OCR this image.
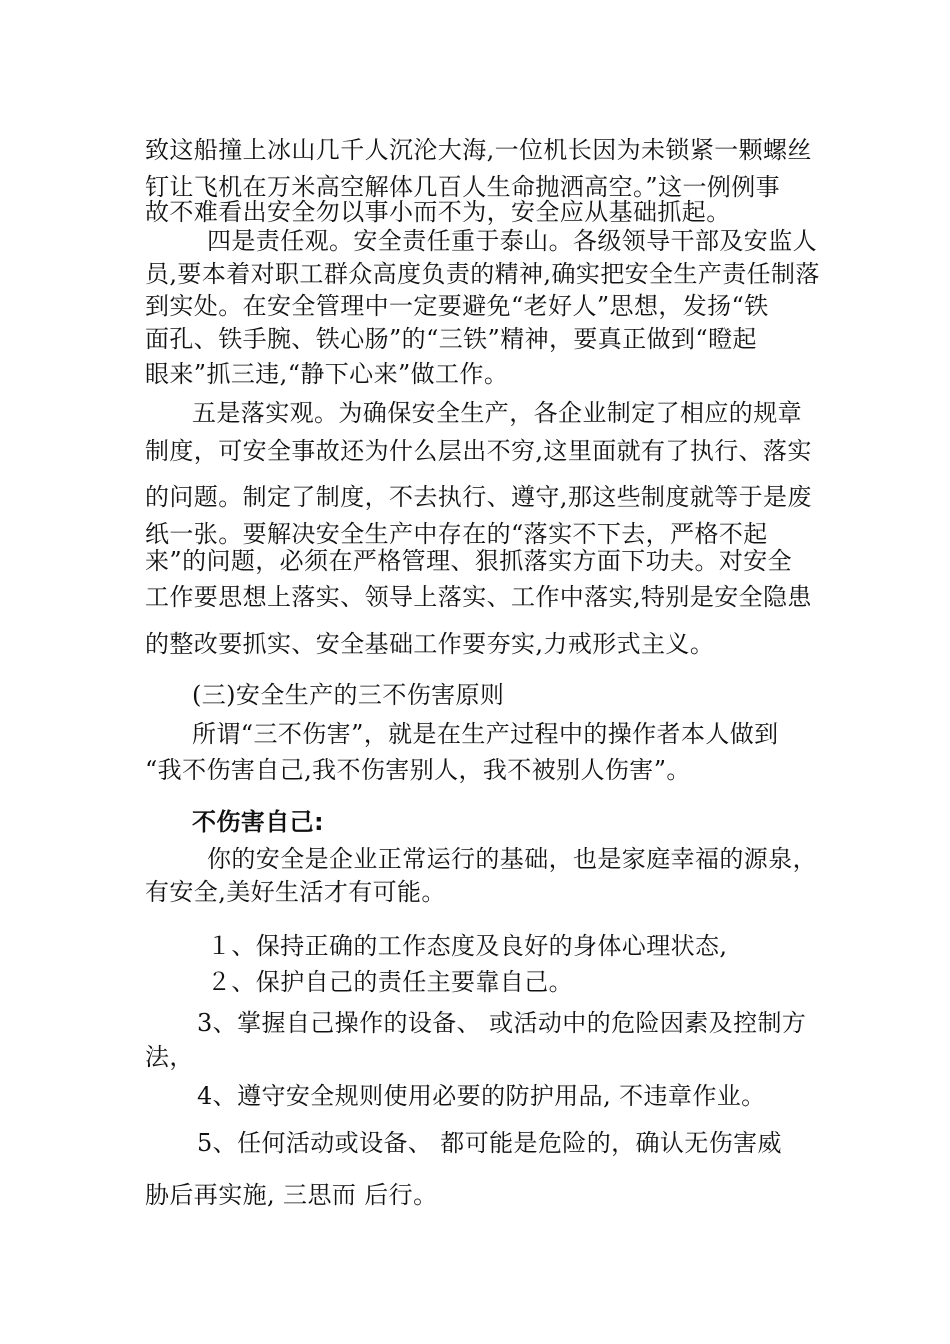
致这船撞上冰山几千人沉沦大海,一位机长因为未锁紧一颗螺丝
钉让飞机在万米高空解体几百人生命抛洒高空。”这一例例事
故不难看出安全勿以事小而不为，安全应从基础抓起。
四是责任观。安全责任重于泰山。各级领导干部及安监人
员,要本着对职工群众高度负责的精神,确实把安全生产责任制落
到实处。在安全管理中一定要避免“老好人”思想，发扬“铁
面孔、铁手腕、铁心肠”的“三铁”精神，要真正做到“瞪起
眼来”抓三违,“静下心来”做工作。
五是落实观。为确保安全生产，各企业制定了相应的规章
制度，可安全事故还为什么层出不穷,这里面就有了执行、落实
的问题。制定了制度，不去执行、遵守,那这些制度就等于是废
纸一张。要解决安全生产中存在的“落实不下去，严格不起
来”的问题，必须在严格管理、狠抓落实方面下功夫。对安全
工作要思想上落实、领导上落实、工作中落实,特别是安全隐患
的整改要抓实、安全基础工作要夯实,力戒形式主义。
(三)安全生产的三不伤害原则
所谓“三不伤害”，就是在生产过程中的操作者本人做到
“我不伤害自己,我不伤害别人，我不被别人伤害”。
不伤害自己:
你的安全是企业正常运行的基础，也是家庭幸福的源泉，
有安全,美好生活才有可能。
１、保持正确的工作态度及良好的身体心理状态,
２、保护自己的责任主要靠自己。
3、掌握自己操作的设备、 或活动中的危险因素及控制方
法，
4、遵守安全规则使用必要的防护用品, 不违章作业。
5、任何活动或设备、 都可能是危险的，确认无伤害威
胁后再实施, 三思而 后行。
